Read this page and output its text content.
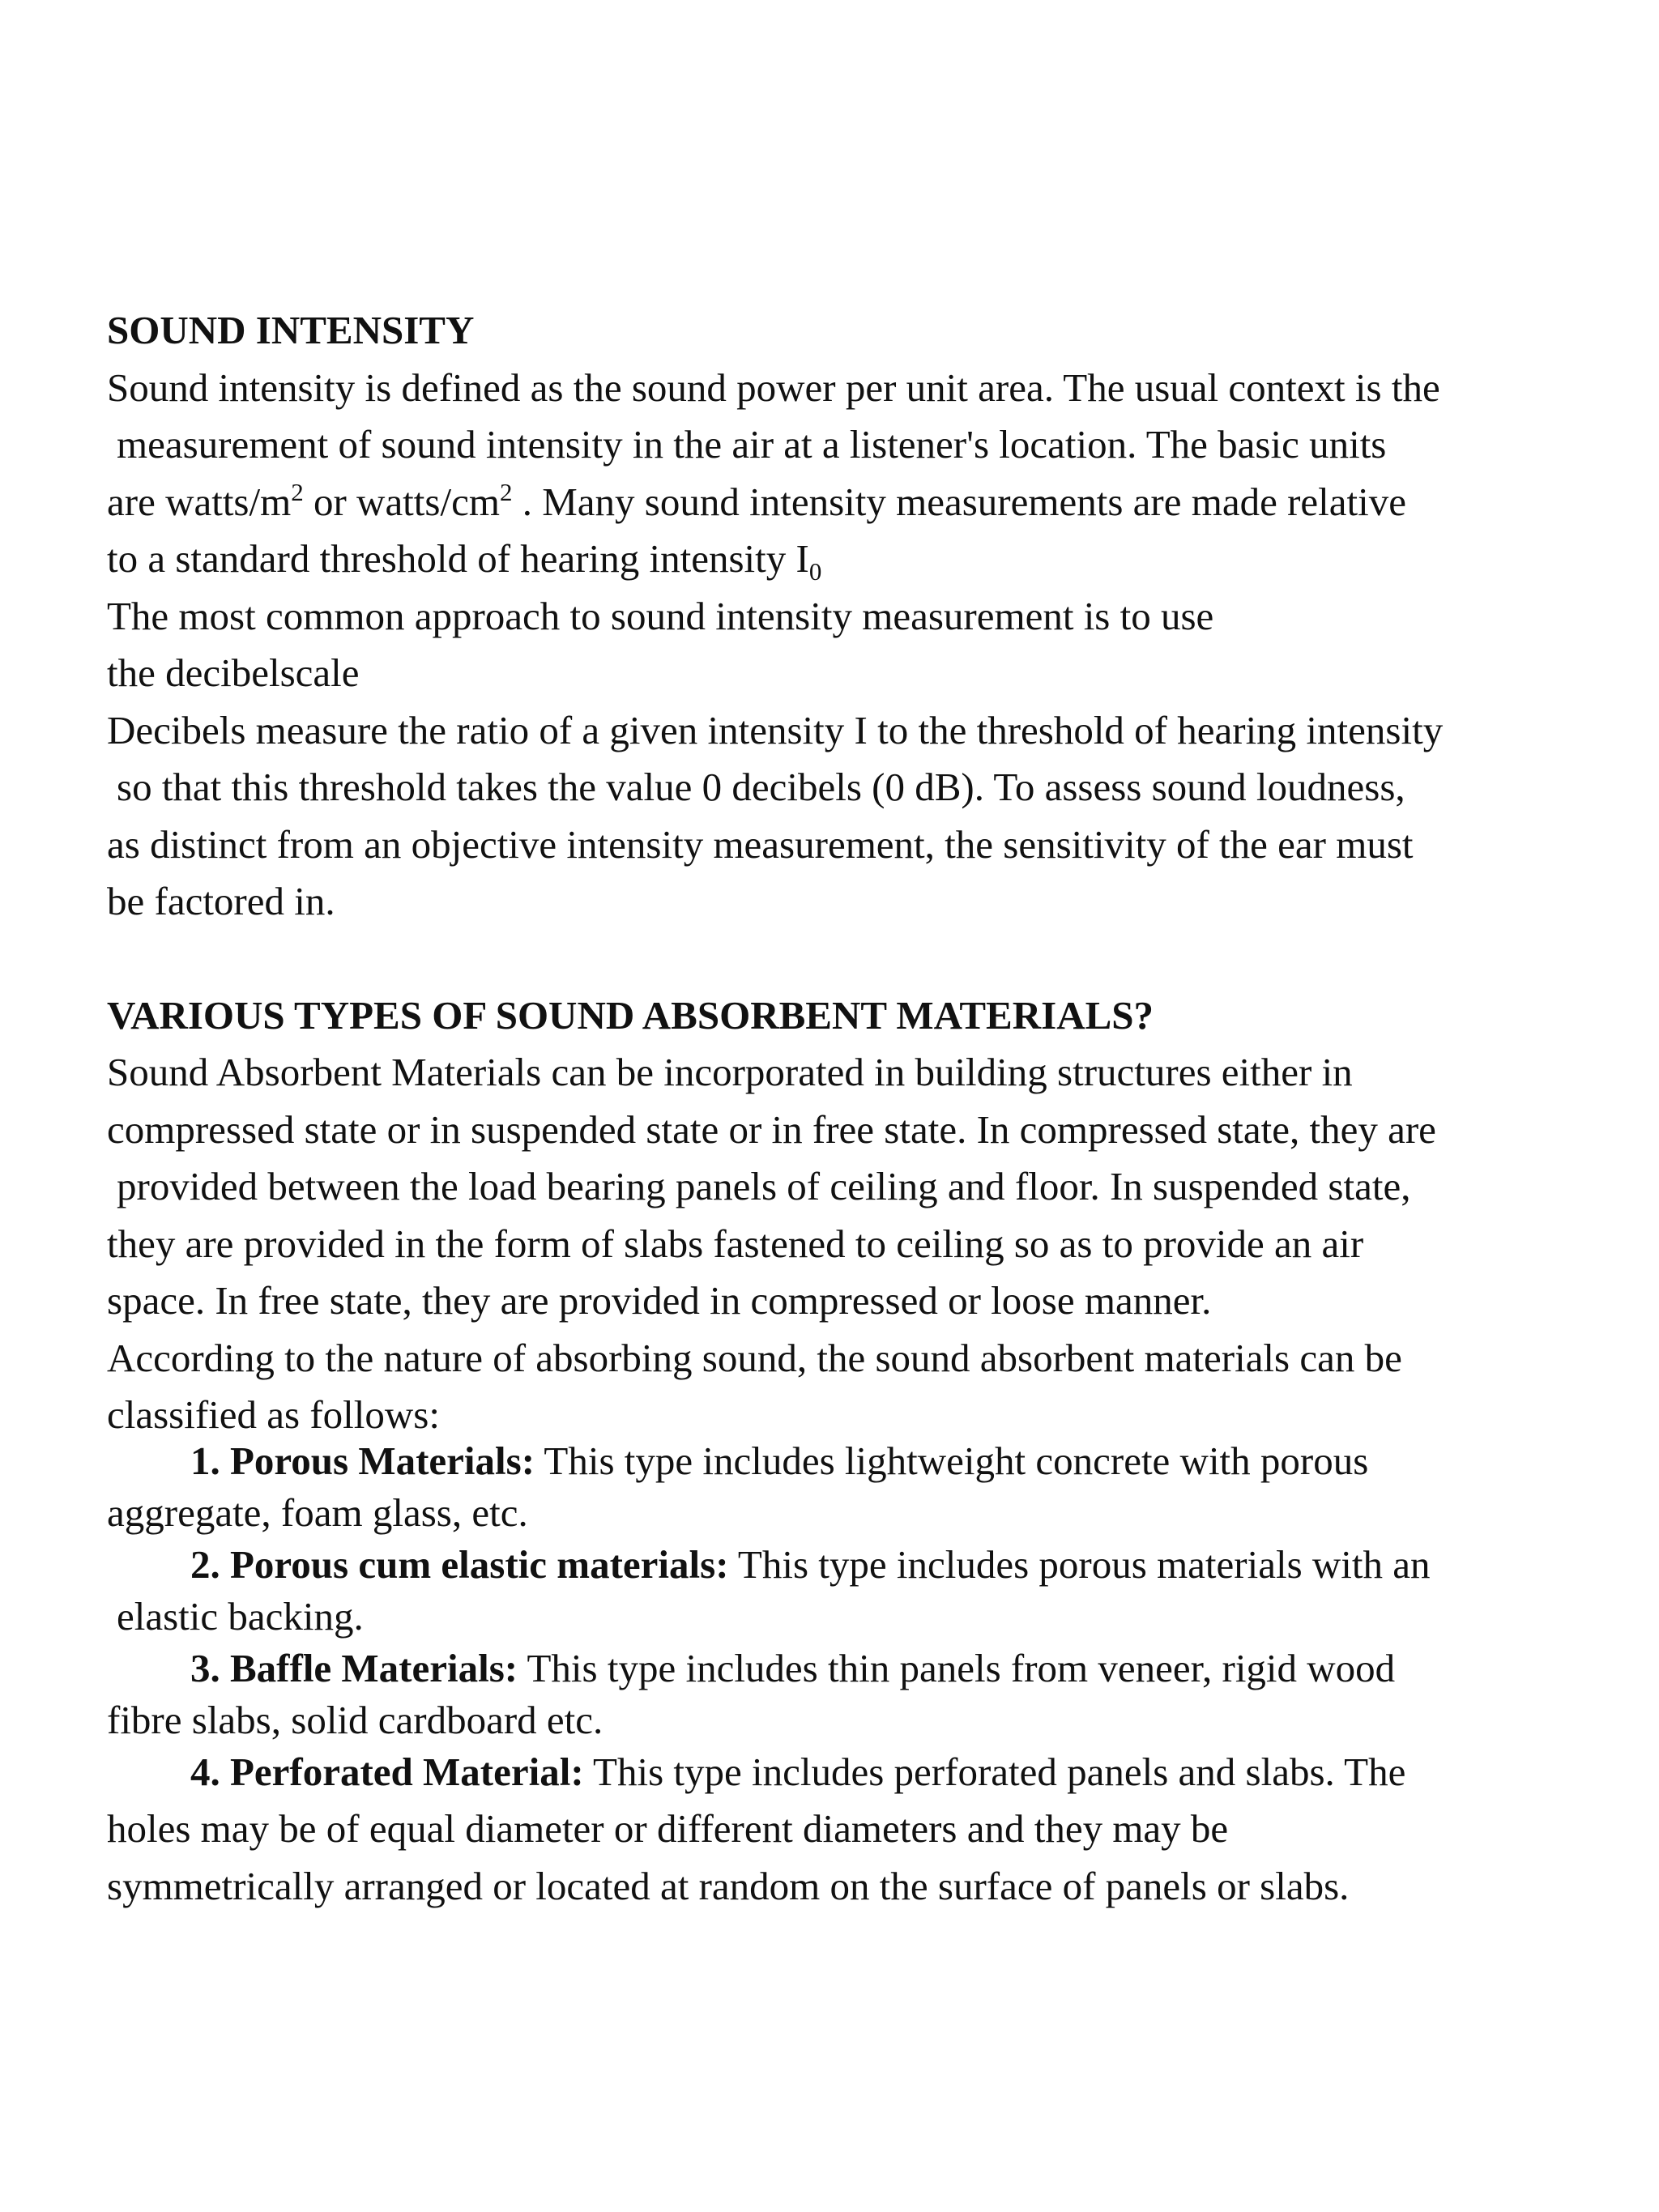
SOUND INTENSITY
Sound intensity is defined as the sound power per unit area. The usual context is the
measurement of sound intensity in the air at a listener's location. The basic units
are watts/$m^2$ or watts/$cm^2$ . Many sound intensity measurements are made relative
to a standard threshold of hearing intensity $I_0$
The most common approach to sound intensity measurement is to use
the decibelscale
Decibels measure the ratio of a given intensity I to the threshold of hearing intensity
so that this threshold takes the value 0 decibels (0 dB). To assess sound loudness,
as distinct from an objective intensity measurement, the sensitivity of the ear must
be factored in.
VARIOUS TYPES OF SOUND ABSORBENT MATERIALS?
Sound Absorbent Materials can be incorporated in building structures either in
compressed state or in suspended state or in free state. In compressed state, they are
provided between the load bearing panels of ceiling and floor. In suspended state,
they are provided in the form of slabs fastened to ceiling so as to provide an air
space. In free state, they are provided in compressed or loose manner.
According to the nature of absorbing sound, the sound absorbent materials can be
classified as follows:
1. Porous Materials: This type includes lightweight concrete with porous
aggregate, foam glass, etc.
2. Porous cum elastic materials: This type includes porous materials with an
elastic backing.
3. Baffle Materials: This type includes thin panels from veneer, rigid wood
fibre slabs, solid cardboard etc.
4. Perforated Material: This type includes perforated panels and slabs. The
holes may be of equal diameter or different diameters and they may be
symmetrically arranged or located at random on the surface of panels or slabs.
